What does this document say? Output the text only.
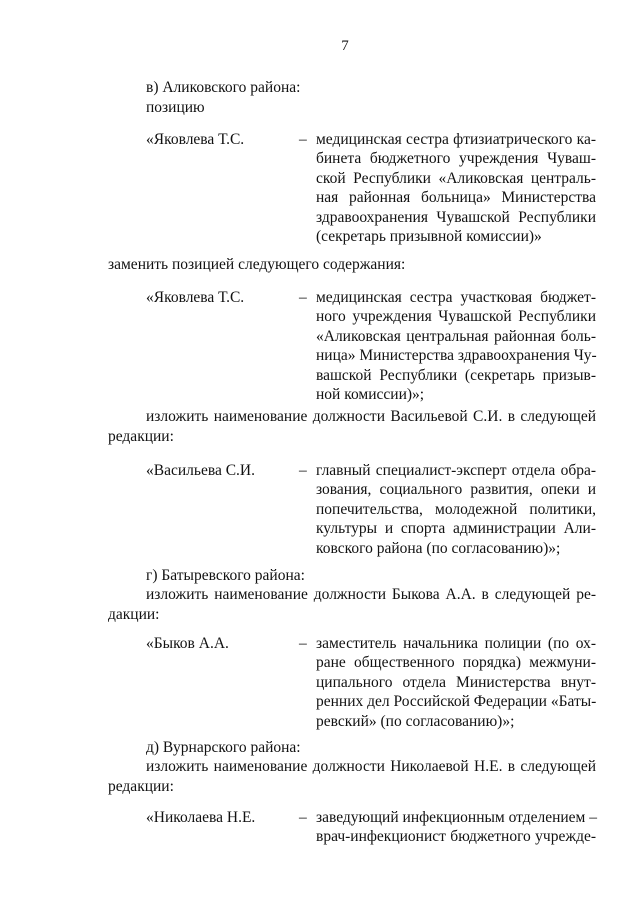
7
в) Аликовского района:
позицию
«Яковлева Т.С.	– медицинская сестра фтизиатрического ка-
бинета бюджетного учреждения Чуваш-
ской Республики «Аликовская централь-
ная районная больница» Министерства
здравоохранения Чувашской Республики
(секретарь призывной комиссии)»
заменить позицией следующего содержания:
«Яковлева Т.С.	– медицинская сестра участковая бюджет-
ного учреждения Чувашской Республики
«Аликовская центральная районная боль-
ница» Министерства здравоохранения Чу-
вашской Республики (секретарь призыв-
ной комиссии)»;
изложить наименование должности Васильевой С.И. в следующей
редакции:
«Васильева С.И.	– главный специалист-эксперт отдела обра-
зования, социального развития, опеки и
попечительства, молодежной политики,
культуры и спорта администрации Али-
ковского района (по согласованию)»;
г) Батыревского района:
изложить наименование должности Быкова А.А. в следующей ре-
дакции:
«Быков А.А.	– заместитель начальника полиции (по ох-
ране общественного порядка) межмуни-
ципального отдела Министерства внут-
ренних дел Российской Федерации «Баты-
ревский» (по согласованию)»;
д) Вурнарского района:
изложить наименование должности Николаевой Н.Е. в следующей
редакции:
«Николаева Н.Е.	– заведующий инфекционным отделением –
врач-инфекционист бюджетного учрежде-
